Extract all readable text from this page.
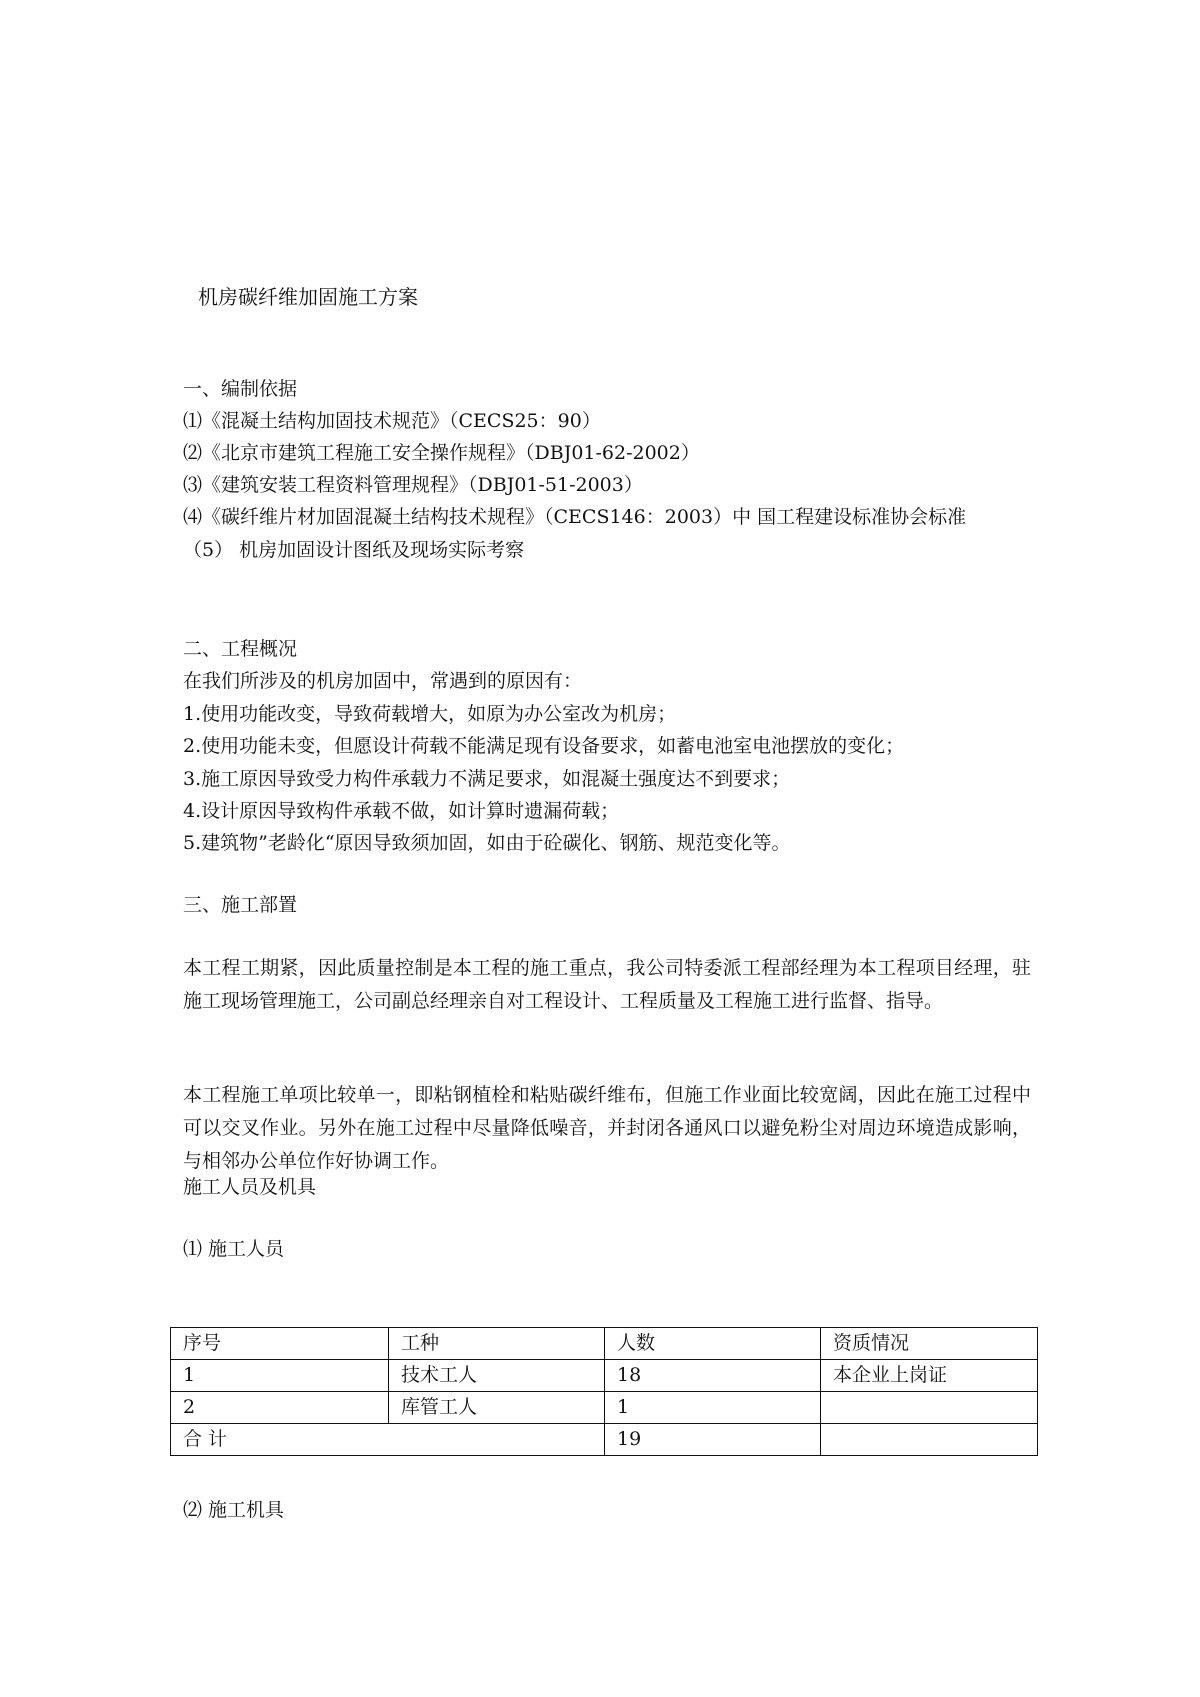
机房碳纤维加固施工方案
一、编制依据
⑴《混凝土结构加固技术规范》（CECS25：90）
⑵《北京市建筑工程施工安全操作规程》（DBJ01-62-2002）
⑶《建筑安装工程资料管理规程》（DBJ01-51-2003）
⑷《碳纤维片材加固混凝土结构技术规程》（CECS146：2003）中 国工程建设标准协会标准
（5） 机房加固设计图纸及现场实际考察
二、工程概况
在我们所涉及的机房加固中，常遇到的原因有：
1.使用功能改变，导致荷载增大，如原为办公室改为机房；
2.使用功能未变，但愿设计荷载不能满足现有设备要求，如蓄电池室电池摆放的变化；
3.施工原因导致受力构件承载力不满足要求，如混凝土强度达不到要求；
4.设计原因导致构件承载不做，如计算时遗漏荷载；
5.建筑物”老龄化“原因导致须加固，如由于砼碳化、钢筋、规范变化等。
三、施工部置
本工程工期紧，因此质量控制是本工程的施工重点，我公司特委派工程部经理为本工程项目经理，驻施工现场管理施工，公司副总经理亲自对工程设计、工程质量及工程施工进行监督、指导。
本工程施工单项比较单一，即粘钢植栓和粘贴碳纤维布，但施工作业面比较宽阔，因此在施工过程中可以交叉作业。另外在施工过程中尽量降低噪音，并封闭各通风口以避免粉尘对周边环境造成影响，与相邻办公单位作好协调工作。
施工人员及机具
⑴ 施工人员
序号	工种	人数	资质情况
1	技术工人	18	本企业上岗证
2	库管工人	1	
合 计		19	
⑵ 施工机具
